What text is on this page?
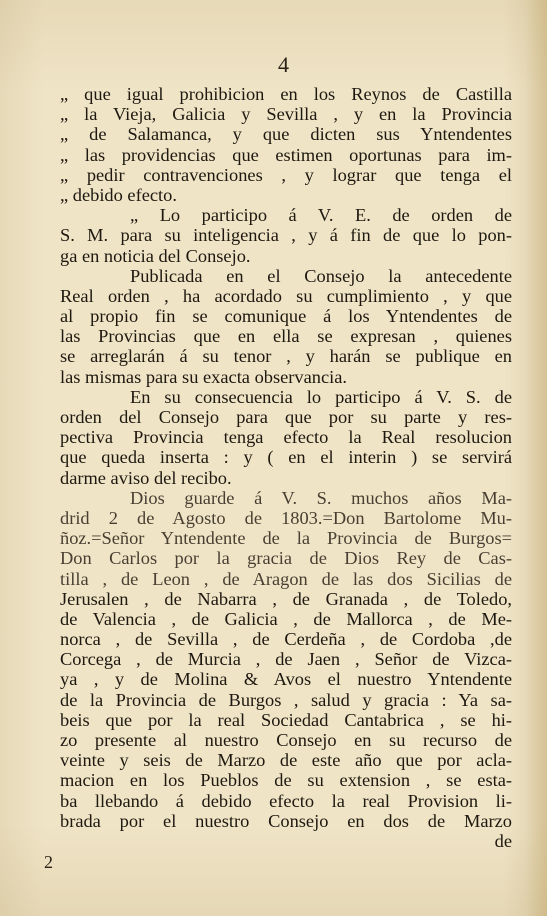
4
„ que igual prohibicion en los Reynos de Castilla
„ la Vieja, Galicia y Sevilla , y en la Provincia
„ de Salamanca, y que dicten sus Yntendentes
„ las providencias que estimen oportunas para im-
„ pedir contravenciones , y lograr que tenga el
„ debido efecto.
„ Lo participo á V. E. de orden de
S. M. para su inteligencia , y á fin de que lo pon-
ga en noticia del Consejo.
Publicada en el Consejo la antecedente
Real orden , ha acordado su cumplimiento , y que
al propio fin se comunique á los Yntendentes de
las Provincias que en ella se expresan , quienes
se arreglarán á su tenor , y harán se publique en
las mismas para su exacta observancia.
En su consecuencia lo participo á V. S. de
orden del Consejo para que por su parte y res-
pectiva Provincia tenga efecto la Real resolucion
que queda inserta : y ( en el interin ) se servirá
darme aviso del recibo.
Dios guarde á V. S. muchos años Ma-
drid 2 de Agosto de 1803.=Don Bartolome Mu-
ñoz.=Señor Yntendente de la Provincia de Burgos=
Don Carlos por la gracia de Dios Rey de Cas-
tilla , de Leon , de Aragon de las dos Sicilias de
Jerusalen , de Nabarra , de Granada , de Toledo,
de Valencia , de Galicia , de Mallorca , de Me-
norca , de Sevilla , de Cerdeña , de Cordoba ,de
Corcega , de Murcia , de Jaen , Señor de Vizca-
ya , y de Molina & Avos el nuestro Yntendente
de la Provincia de Burgos , salud y gracia : Ya sa-
beis que por la real Sociedad Cantabrica , se hi-
zo presente al nuestro Consejo en su recurso de
veinte y seis de Marzo de este año que por acla-
macion en los Pueblos de su extension , se esta-
ba llebando á debido efecto la real Provision li-
brada por el nuestro Consejo en dos de Marzo
de
2
